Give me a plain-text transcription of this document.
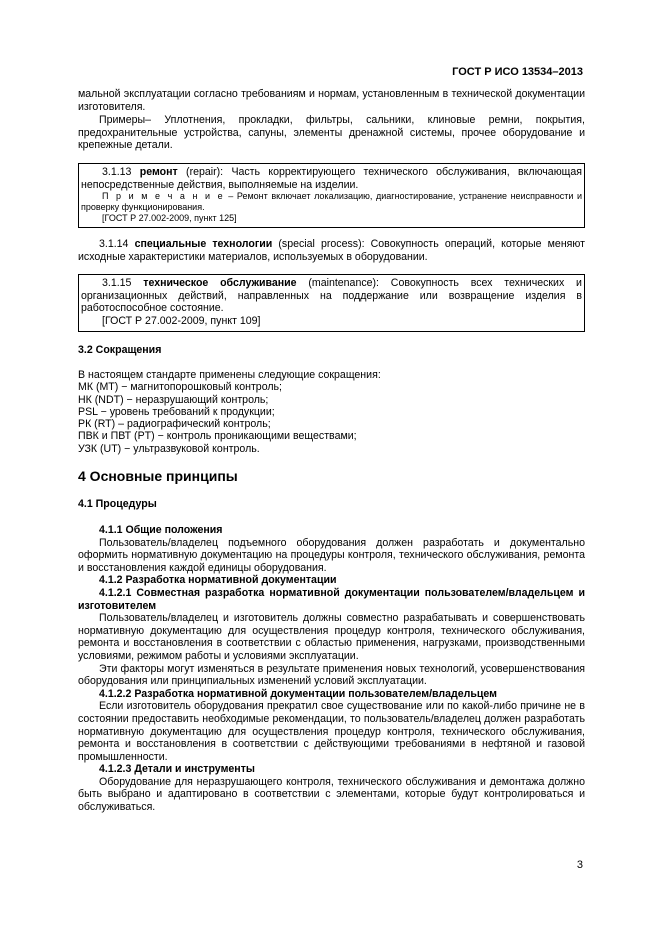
ГОСТ Р ИСО 13534–2013

мальной эксплуатации согласно требованиям и нормам, установленным в технической документации изготовителя.

Примеры– Уплотнения, прокладки, фильтры, сальники, клиновые ремни, покрытия, предохранительные устройства, сапуны, элементы дренажной системы, прочее оборудование и крепежные детали.

3.1.13 ремонт (repair): Часть корректирующего технического обслуживания, включающая непосредственные действия, выполняемые на изделии.

П р и м е ч а н и е – Ремонт включает локализацию, диагностирование, устранение неисправности и проверку функционирования.

[ГОСТ Р 27.002-2009, пункт 125]

3.1.14 специальные технологии (special process): Совокупность операций, которые меняют исходные характеристики материалов, используемых в оборудовании.

3.1.15 техническое обслуживание (maintenance): Совокупность всех технических и организационных действий, направленных на поддержание или возвращение изделия в работоспособное состояние.

[ГОСТ Р 27.002-2009, пункт 109]

3.2 Сокращения
В настоящем стандарте применены следующие сокращения:
МК (MT) − магнитопорошковый контроль;
НК (NDT) − неразрушающий контроль;
PSL − уровень требований к продукции;
РК (RT) – радиографический контроль;
ПВК и ПВТ (PT) − контроль проникающими веществами;
УЗК (UT) − ультразвуковой контроль.
4 Основные принципы
4.1 Процедуры

4.1.1 Общие положения

Пользователь/владелец подъемного оборудования должен разработать и документально оформить нормативную документацию на процедуры контроля, технического обслуживания, ремонта и восстановления каждой единицы оборудования.

4.1.2 Разработка нормативной документации

4.1.2.1 Совместная разработка нормативной документации пользователем/владельцем и изготовителем

Пользователь/владелец и изготовитель должны совместно разрабатывать и совершенствовать нормативную документацию для осуществления процедур контроля, технического обслуживания, ремонта и восстановления в соответствии с областью применения, нагрузками, производственными условиями, режимом работы и условиями эксплуатации.

Эти факторы могут изменяться в результате применения новых технологий, усовершенствования оборудования или принципиальных изменений условий эксплуатации.

4.1.2.2 Разработка нормативной документации пользователем/владельцем

Если изготовитель оборудования прекратил свое существование или по какой-либо причине не в состоянии предоставить необходимые рекомендации, то пользователь/владелец должен разработать нормативную документацию для осуществления процедур контроля, технического обслуживания, ремонта и восстановления в соответствии с действующими требованиями в нефтяной и газовой промышленности.

4.1.2.3 Детали и инструменты

Оборудование для неразрушающего контроля, технического обслуживания и демонтажа должно быть выбрано и адаптировано в соответствии с элементами, которые будут контролироваться и обслуживаться.

3
